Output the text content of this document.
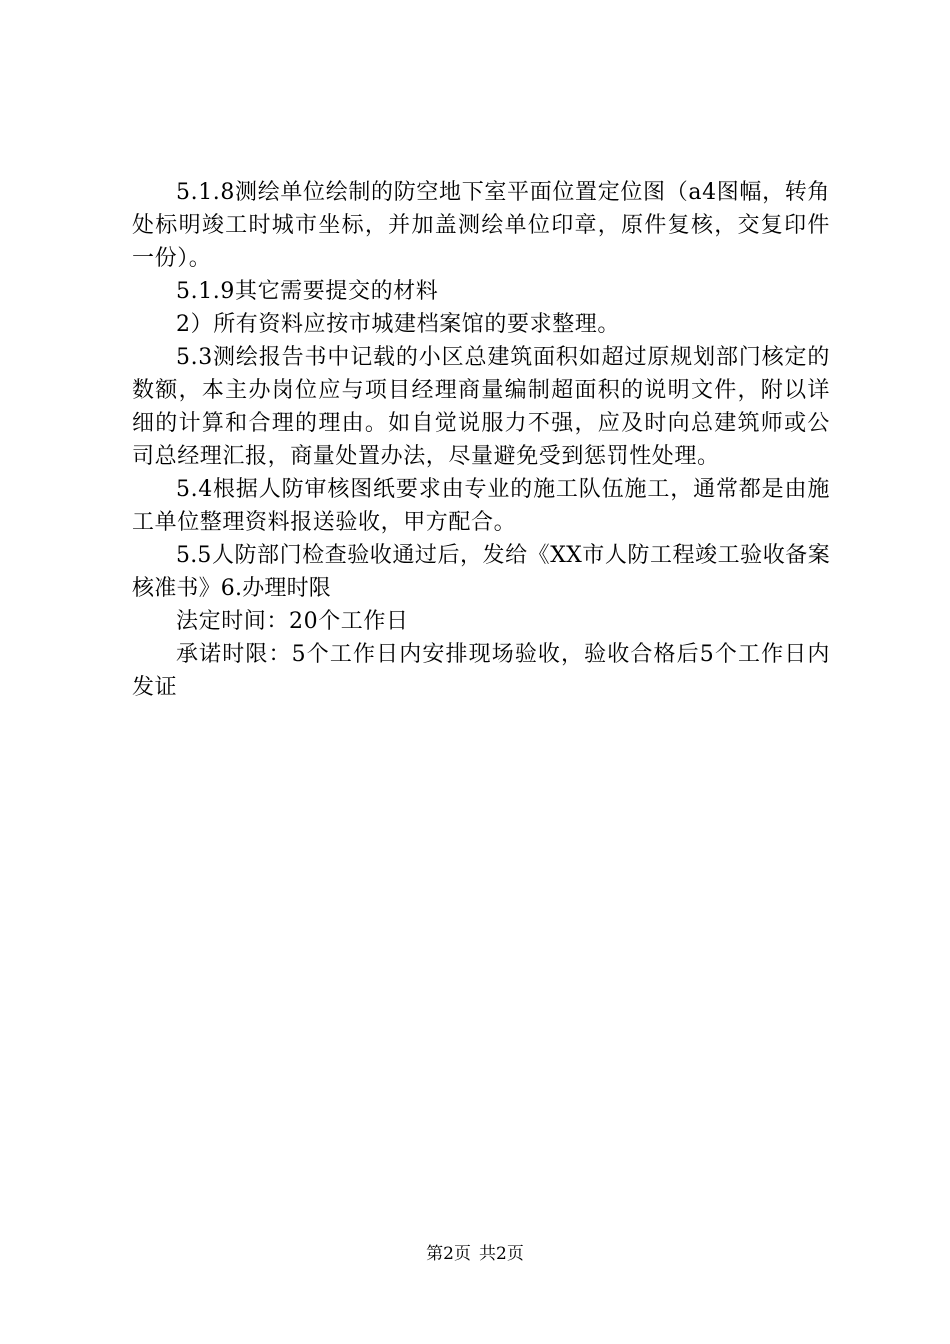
5.1.8测绘单位绘制的防空地下室平面位置定位图（a4图幅，转角处标明竣工时城市坐标，并加盖测绘单位印章，原件复核，交复印件一份）。

5.1.9其它需要提交的材料

2）所有资料应按市城建档案馆的要求整理。

5.3测绘报告书中记载的小区总建筑面积如超过原规划部门核定的数额，本主办岗位应与项目经理商量编制超面积的说明文件，附以详细的计算和合理的理由。如自觉说服力不强，应及时向总建筑师或公司总经理汇报，商量处置办法，尽量避免受到惩罚性处理。

5.4根据人防审核图纸要求由专业的施工队伍施工，通常都是由施工单位整理资料报送验收，甲方配合。

5.5人防部门检查验收通过后，发给《XX市人防工程竣工验收备案核准书》6.办理时限

法定时间：20个工作日

承诺时限：5个工作日内安排现场验收，验收合格后5个工作日内发证

第2页 共2页
